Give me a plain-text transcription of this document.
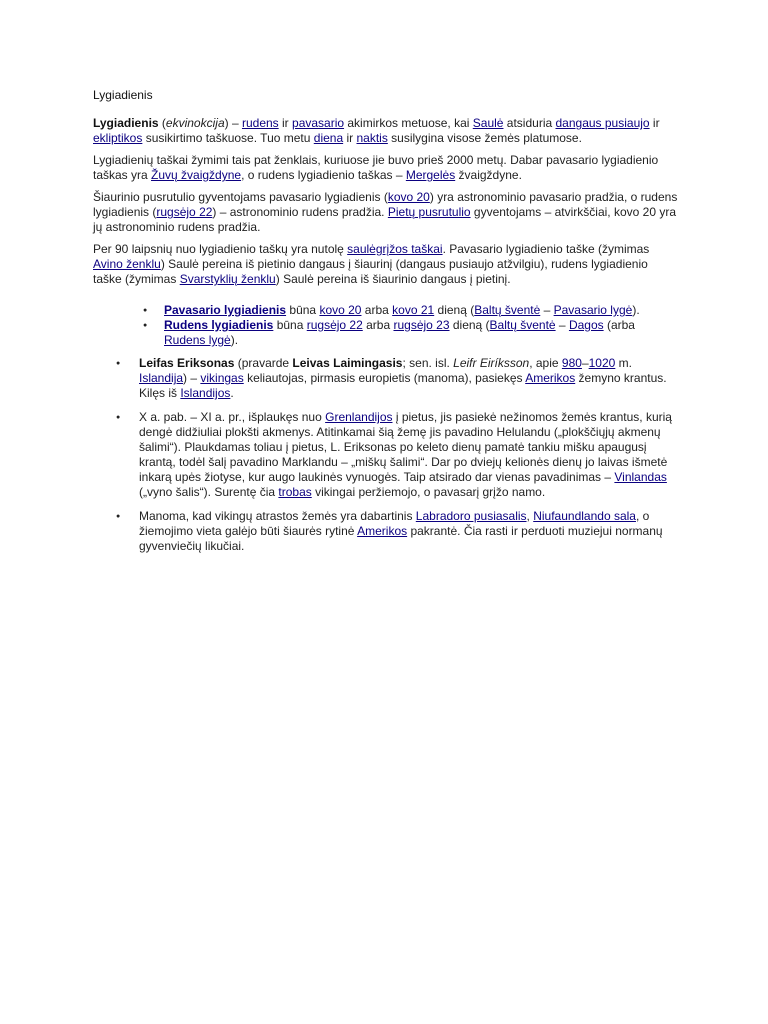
Lygiadienis

Lygiadienis (ekvinokcija) – rudens ir pavasario akimirkos metuose, kai Saulė atsiduria dangaus pusiaujo ir ekliptikos susikirtimo taškuose. Tuo metu diena ir naktis susilygina visose žemės platumose.

Lygiadienių taškai žymimi tais pat ženklais, kuriuose jie buvo prieš 2000 metų. Dabar pavasario lygiadienio taškas yra Žuvų žvaigždyne, o rudens lygiadienio taškas – Mergelės žvaigždyne.

Šiaurinio pusrutulio gyventojams pavasario lygiadienis (kovo 20) yra astronominio pavasario pradžia, o rudens lygiadienis (rugsėjo 22) – astronominio rudens pradžia. Pietų pusrutulio gyventojams – atvirkščiai, kovo 20 yra jų astronominio rudens pradžia.

Per 90 laipsnių nuo lygiadienio taškų yra nutolę saulėgrįžos taškai. Pavasario lygiadienio taške (žymimas Avino ženklu) Saulė pereina iš pietinio dangaus į šiaurinį (dangaus pusiaujo atžvilgiu), rudens lygiadienio taške (žymimas Svarstyklių ženklu) Saulė pereina iš šiaurinio dangaus į pietinį.

● Pavasario lygiadienis būna kovo 20 arba kovo 21 dieną (Baltų šventė – Pavasario lygė).
● Rudens lygiadienis būna rugsėjo 22 arba rugsėjo 23 dieną (Baltų šventė – Dagos (arba Rudens lygė).
● Leifas Eriksonas (pravarde Leivas Laimingasis; sen. isl. Leifr Eiríksson, apie 980–1020 m. Islandija) – vikingas keliautojas, pirmasis europietis (manoma), pasiekęs Amerikos žemyno krantus. Kilęs iš Islandijos.
● X a. pab. – XI a. pr., išplaukęs nuo Grenlandijos į pietus, jis pasiekė nežinomos žemės krantus, kurią dengė didžiuliai plokšti akmenys. Atitinkamai šią žemę jis pavadino Helulandu („plokščiųjų akmenų šalimi“). Plaukdamas toliau į pietus, L. Eriksonas po keleto dienų pamatė tankiu mišku apaugusį krantą, todėl šalį pavadino Marklandu – „miškų šalimi“. Dar po dviejų kelionės dienų jo laivas išmetė inkarą upės žiotyse, kur augo laukinės vynuogės. Taip atsirado dar vienas pavadinimas – Vinlandas („vyno šalis“). Surentę čia trobas vikingai peržiemojo, o pavasarį grįžo namo.
● Manoma, kad vikingų atrastos žemės yra dabartinis Labradoro pusiasalis, Niufaundlando sala, o žiemojimo vieta galėjo būti šiaurės rytinė Amerikos pakrantė. Čia rasti ir perduoti muziejui normanų gyvenviečių likučiai.
